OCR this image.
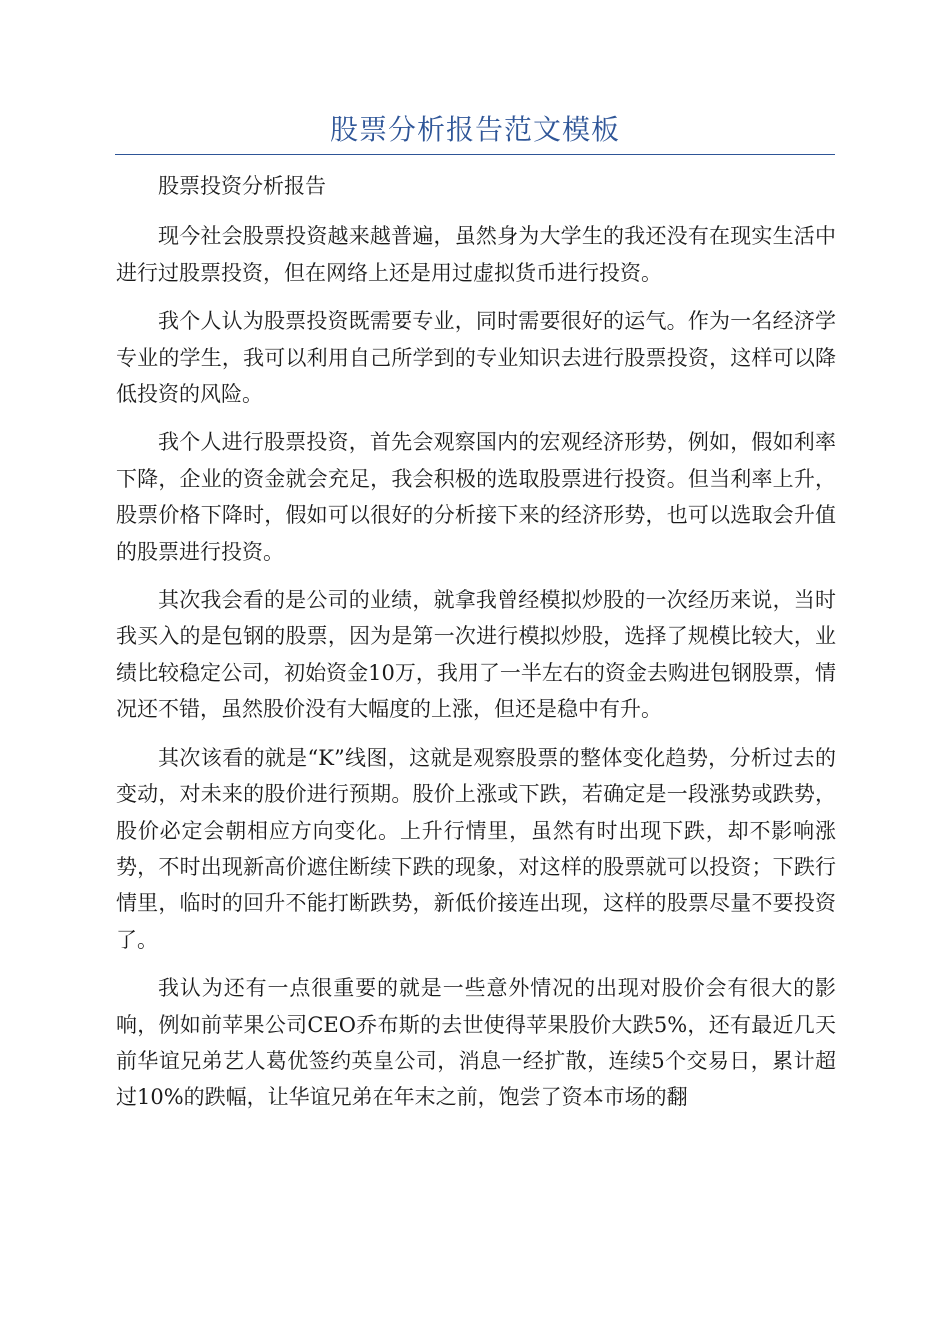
股票分析报告范文模板

股票投资分析报告

现今社会股票投资越来越普遍，虽然身为大学生的我还没有在现实生活中进行过股票投资，但在网络上还是用过虚拟货币进行投资。

我个人认为股票投资既需要专业，同时需要很好的运气。作为一名经济学专业的学生，我可以利用自己所学到的专业知识去进行股票投资，这样可以降低投资的风险。

我个人进行股票投资，首先会观察国内的宏观经济形势，例如，假如利率下降，企业的资金就会充足，我会积极的选取股票进行投资。但当利率上升，股票价格下降时，假如可以很好的分析接下来的经济形势，也可以选取会升值的股票进行投资。

其次我会看的是公司的业绩，就拿我曾经模拟炒股的一次经历来说，当时我买入的是包钢的股票，因为是第一次进行模拟炒股，选择了规模比较大，业绩比较稳定公司，初始资金10万，我用了一半左右的资金去购进包钢股票，情况还不错，虽然股价没有大幅度的上涨，但还是稳中有升。

其次该看的就是“K”线图，这就是观察股票的整体变化趋势，分析过去的变动，对未来的股价进行预期。股价上涨或下跌，若确定是一段涨势或跌势，股价必定会朝相应方向变化。上升行情里，虽然有时出现下跌，却不影响涨势，不时出现新高价遮住断续下跌的现象，对这样的股票就可以投资；下跌行情里，临时的回升不能打断跌势，新低价接连出现，这样的股票尽量不要投资了。

我认为还有一点很重要的就是一些意外情况的出现对股价会有很大的影响，例如前苹果公司CEO乔布斯的去世使得苹果股价大跌5%，还有最近几天前华谊兄弟艺人葛优签约英皇公司，消息一经扩散，连续5个交易日，累计超过10%的跌幅，让华谊兄弟在年末之前，饱尝了资本市场的翻
